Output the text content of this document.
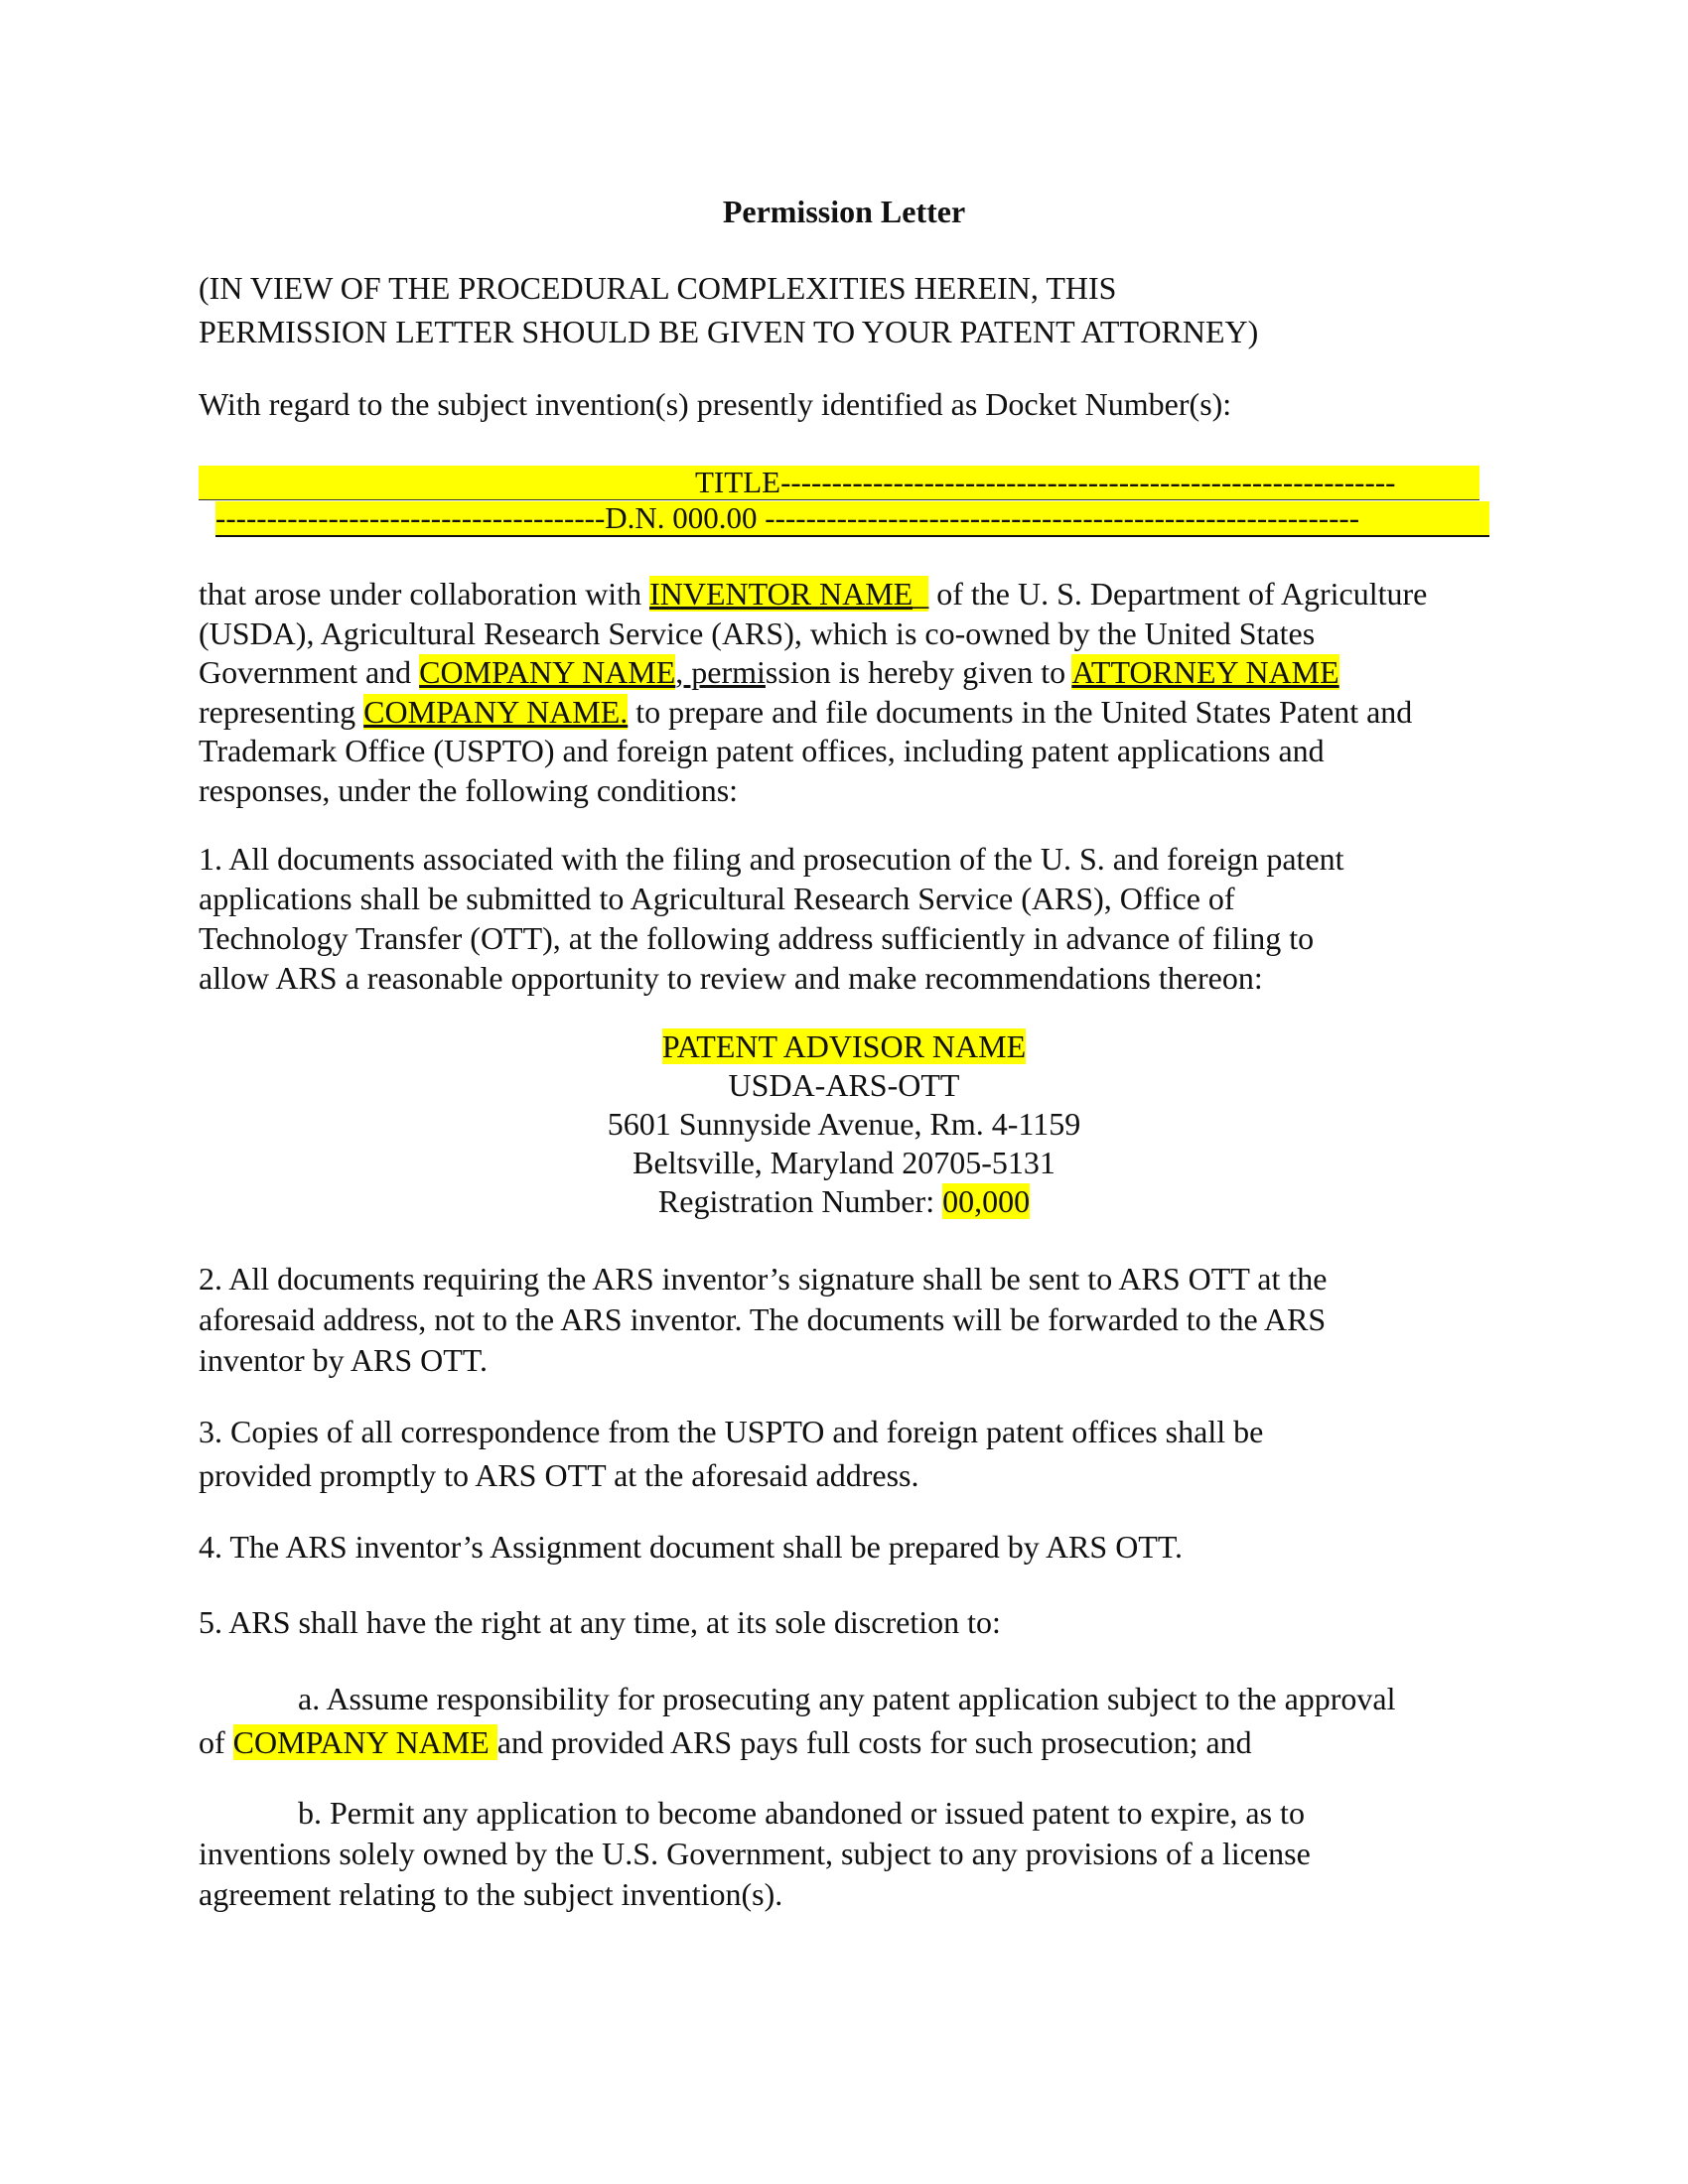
Permission Letter
(IN VIEW OF THE PROCEDURAL COMPLEXITIES HEREIN, THIS
PERMISSION LETTER SHOULD BE GIVEN TO YOUR PATENT ATTORNEY)
With regard to the subject invention(s) presently identified as Docket Number(s):
TITLE------------------------------------------------------------
--------------------------------------D.N. 000.00 ----------------------------------------------------------
that arose under collaboration with INVENTOR NAME_ of the U. S. Department of Agriculture
(USDA), Agricultural Research Service (ARS), which is co-owned by the United States
Government and COMPANY NAME, permission is hereby given to ATTORNEY NAME
representing COMPANY NAME. to prepare and file documents in the United States Patent and
Trademark Office (USPTO) and foreign patent offices, including patent applications and
responses, under the following conditions:
1. All documents associated with the filing and prosecution of the U. S. and foreign patent
applications shall be submitted to Agricultural Research Service (ARS), Office of
Technology Transfer (OTT), at the following address sufficiently in advance of filing to
allow ARS a reasonable opportunity to review and make recommendations thereon:
PATENT ADVISOR NAME
USDA-ARS-OTT
5601 Sunnyside Avenue, Rm. 4-1159
Beltsville, Maryland 20705-5131
Registration Number: 00,000
2. All documents requiring the ARS inventor’s signature shall be sent to ARS OTT at the
aforesaid address, not to the ARS inventor. The documents will be forwarded to the ARS
inventor by ARS OTT.
3. Copies of all correspondence from the USPTO and foreign patent offices shall be
provided promptly to ARS OTT at the aforesaid address.
4. The ARS inventor’s Assignment document shall be prepared by ARS OTT.
5. ARS shall have the right at any time, at its sole discretion to:
a. Assume responsibility for prosecuting any patent application subject to the approval
of COMPANY NAME and provided ARS pays full costs for such prosecution; and
b. Permit any application to become abandoned or issued patent to expire, as to
inventions solely owned by the U.S. Government, subject to any provisions of a license
agreement relating to the subject invention(s).
